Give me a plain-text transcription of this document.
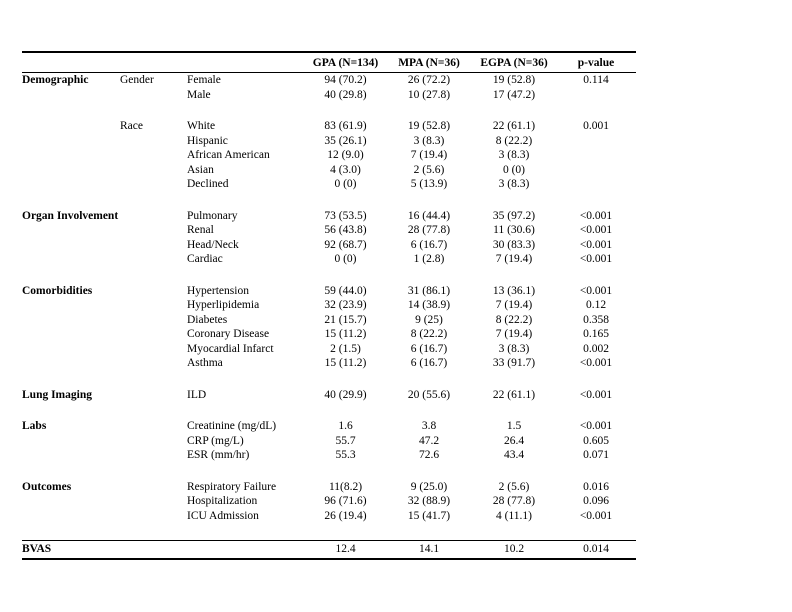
			GPA (N=134)	MPA (N=36)	EGPA (N=36)	p-value
Demographic	Gender	Female	94 (70.2)	26 (72.2)	19 (52.8)	0.114
		Male	40 (29.8)	10 (27.8)	17 (47.2)	

	Race	White	83 (61.9)	19 (52.8)	22 (61.1)	0.001
		Hispanic	35 (26.1)	3 (8.3)	8 (22.2)	
		African American	12 (9.0)	7 (19.4)	3 (8.3)	
		Asian	4 (3.0)	2 (5.6)	0 (0)	
		Declined	0 (0)	5 (13.9)	3 (8.3)	

Organ Involvement		Pulmonary	73 (53.5)	16 (44.4)	35 (97.2)	<0.001
		Renal	56 (43.8)	28 (77.8)	11 (30.6)	<0.001
		Head/Neck	92 (68.7)	6 (16.7)	30 (83.3)	<0.001
		Cardiac	0 (0)	1 (2.8)	7 (19.4)	<0.001

Comorbidities		Hypertension	59 (44.0)	31 (86.1)	13 (36.1)	<0.001
		Hyperlipidemia	32 (23.9)	14 (38.9)	7 (19.4)	0.12
		Diabetes	21 (15.7)	9 (25)	8 (22.2)	0.358
		Coronary Disease	15 (11.2)	8 (22.2)	7 (19.4)	0.165
		Myocardial Infarct	2 (1.5)	6 (16.7)	3 (8.3)	0.002
		Asthma	15 (11.2)	6 (16.7)	33 (91.7)	<0.001

Lung Imaging		ILD	40 (29.9)	20 (55.6)	22 (61.1)	<0.001

Labs		Creatinine (mg/dL)	1.6	3.8	1.5	<0.001
		CRP (mg/L)	55.7	47.2	26.4	0.605
		ESR (mm/hr)	55.3	72.6	43.4	0.071

Outcomes		Respiratory Failure	11(8.2)	9 (25.0)	2 (5.6)	0.016
		Hospitalization	96 (71.6)	32 (88.9)	28 (77.8)	0.096
		ICU Admission	26 (19.4)	15 (41.7)	4 (11.1)	<0.001

BVAS			12.4	14.1	10.2	0.014
